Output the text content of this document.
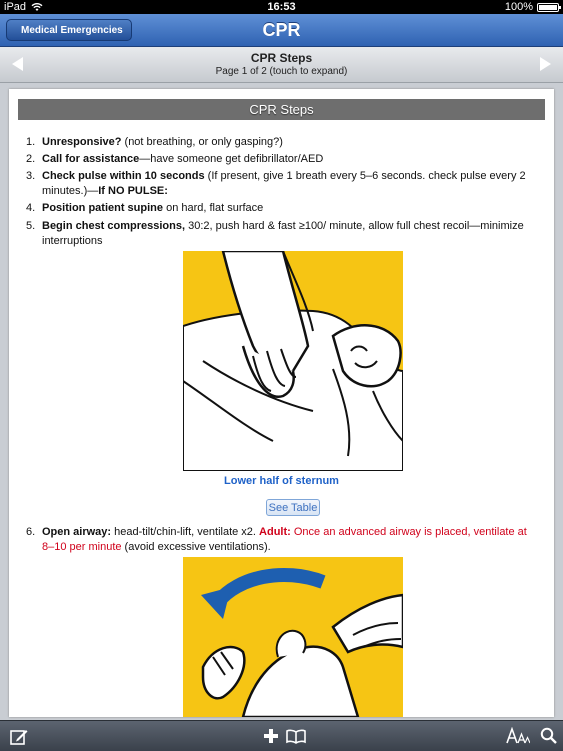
iPad	16:53	100%
Medical Emergencies	CPR
CPR Steps
Page 1 of 2 (touch to expand)
CPR Steps
1. Unresponsive? (not breathing, or only gasping?)
2. Call for assistance—have someone get defibrillator/AED
3. Check pulse within 10 seconds (If present, give 1 breath every 5–6 seconds. check pulse every 2 minutes.)—If NO PULSE:
4. Position patient supine on hard, flat surface
5. Begin chest compressions, 30:2, push hard & fast ≥100/ minute, allow full chest recoil—minimize interruptions
Lower half of sternum
See Table
6. Open airway: head-tilt/chin-lift, ventilate x2. Adult: Once an advanced airway is placed, ventilate at 8–10 per minute (avoid excessive ventilations).
